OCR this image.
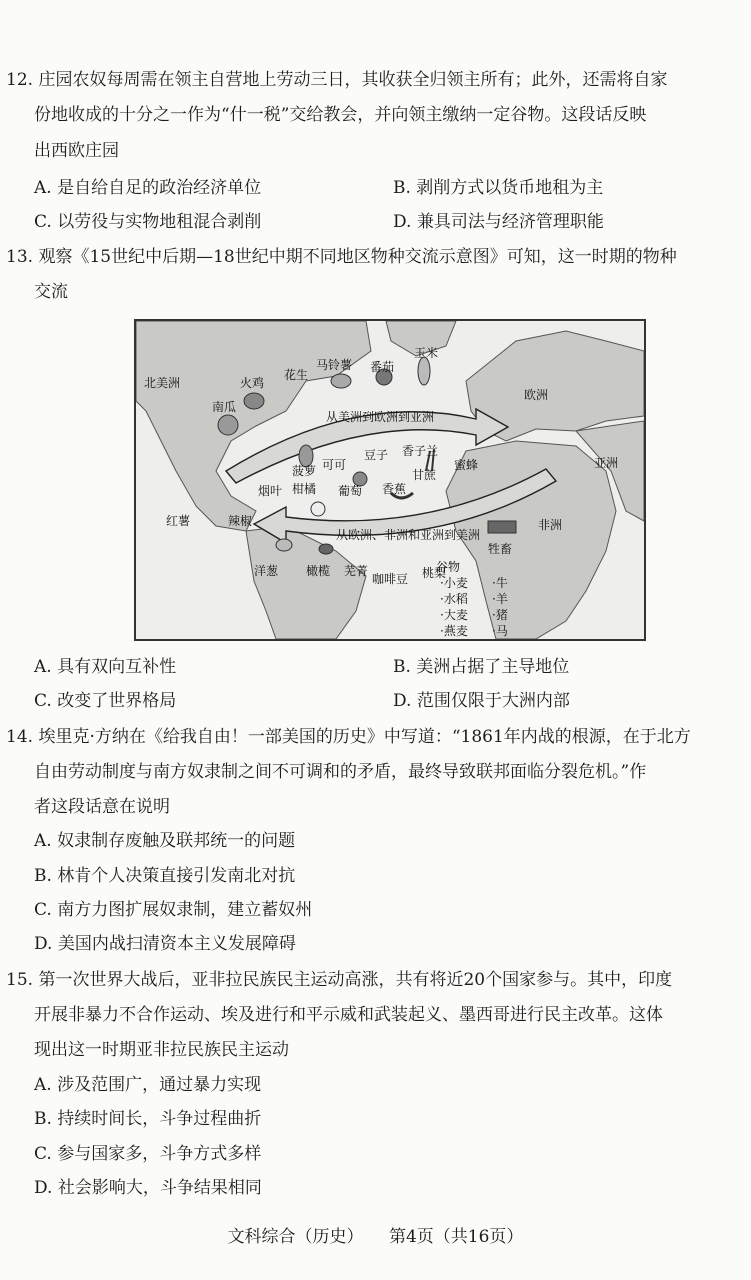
12. 庄园农奴每周需在领主自营地上劳动三日，其收获全归领主所有；此外，还需将自家
份地收成的十分之一作为“什一税”交给教会，并向领主缴纳一定谷物。这段话反映
出西欧庄园
A. 是自给自足的政治经济单位	B. 剥削方式以货币地租为主
C. 以劳役与实物地租混合剥削	D. 兼具司法与经济管理职能
13. 观察《15世纪中后期—18世纪中期不同地区物种交流示意图》可知，这一时期的物种
交流
北美洲
欧洲
亚洲
非洲
从美洲到欧洲到亚洲
从欧洲、非洲和亚洲到美洲
火鸡
南瓜
花生
马铃薯 番茄
玉米
可可
菠萝
烟叶
辣椒
红薯
豆子 香子兰
甘蔗
蜜蜂
柑橘 葡萄 香蕉
洋葱 橄榄 芜菁
咖啡豆 桃梨
牲畜
谷物
·小麦
·水稻
·大麦
·燕麦
·牛
·羊
·猪
·马
A. 具有双向互补性	B. 美洲占据了主导地位
C. 改变了世界格局	D. 范围仅限于大洲内部
14. 埃里克·方纳在《给我自由！一部美国的历史》中写道：“1861年内战的根源，在于北方
自由劳动制度与南方奴隶制之间不可调和的矛盾，最终导致联邦面临分裂危机。”作
者这段话意在说明
A. 奴隶制存废触及联邦统一的问题
B. 林肯个人决策直接引发南北对抗
C. 南方力图扩展奴隶制，建立蓄奴州
D. 美国内战扫清资本主义发展障碍
15. 第一次世界大战后，亚非拉民族民主运动高涨，共有将近20个国家参与。其中，印度
开展非暴力不合作运动、埃及进行和平示威和武装起义、墨西哥进行民主改革。这体
现出这一时期亚非拉民族民主运动
A. 涉及范围广，通过暴力实现
B. 持续时间长，斗争过程曲折
C. 参与国家多，斗争方式多样
D. 社会影响大，斗争结果相同
文科综合（历史） 第4页（共16页）
